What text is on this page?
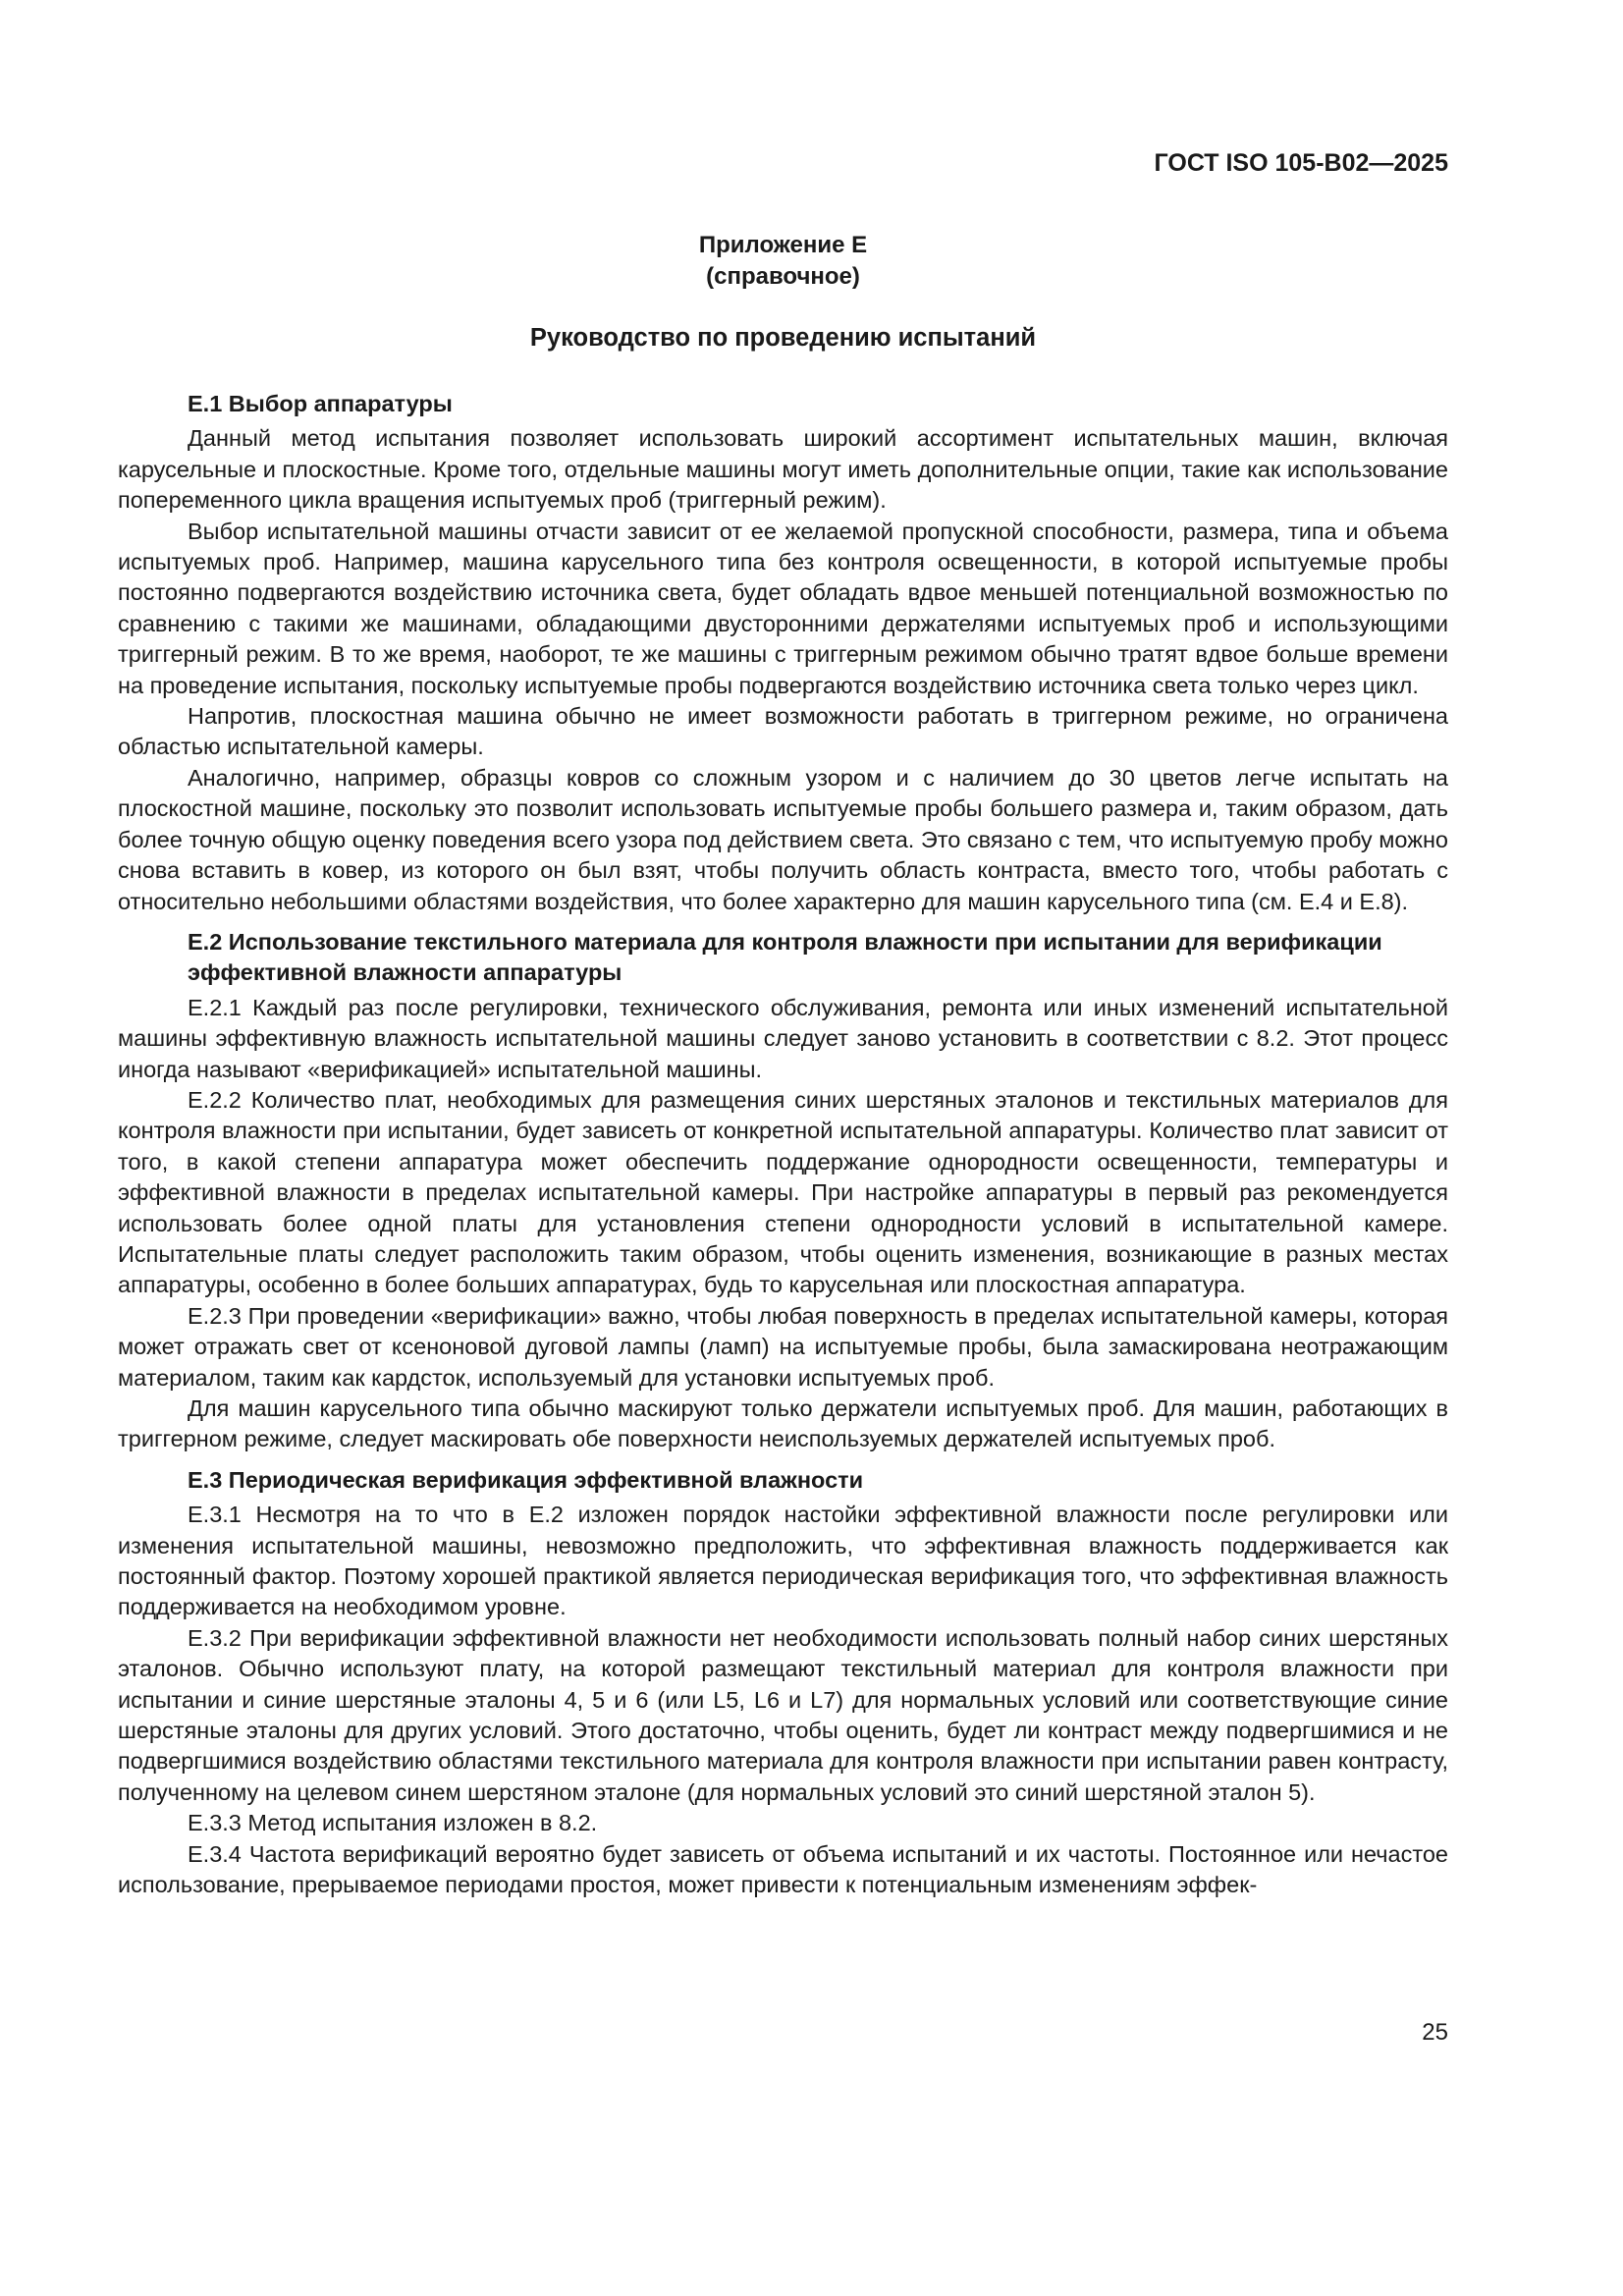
ГОСТ ISO 105-B02—2025

Приложение Е

(справочное)

Руководство по проведению испытаний

Е.1 Выбор аппаратуры

Данный метод испытания позволяет использовать широкий ассортимент испытательных машин, включая карусельные и плоскостные. Кроме того, отдельные машины могут иметь дополнительные опции, такие как использование попеременного цикла вращения испытуемых проб (триггерный режим).

Выбор испытательной машины отчасти зависит от ее желаемой пропускной способности, размера, типа и объема испытуемых проб. Например, машина карусельного типа без контроля освещенности, в которой испытуемые пробы постоянно подвергаются воздействию источника света, будет обладать вдвое меньшей потенциальной возможностью по сравнению с такими же машинами, обладающими двусторонними держателями испытуемых проб и использующими триггерный режим. В то же время, наоборот, те же машины с триггерным режимом обычно тратят вдвое больше времени на проведение испытания, поскольку испытуемые пробы подвергаются воздействию источника света только через цикл.

Напротив, плоскостная машина обычно не имеет возможности работать в триггерном режиме, но ограничена областью испытательной камеры.

Аналогично, например, образцы ковров со сложным узором и с наличием до 30 цветов легче испытать на плоскостной машине, поскольку это позволит использовать испытуемые пробы большего размера и, таким образом, дать более точную общую оценку поведения всего узора под действием света. Это связано с тем, что испытуемую пробу можно снова вставить в ковер, из которого он был взят, чтобы получить область контраста, вместо того, чтобы работать с относительно небольшими областями воздействия, что более характерно для машин карусельного типа (см. Е.4 и Е.8).

Е.2 Использование текстильного материала для контроля влажности при испытании для верификации эффективной влажности аппаратуры

Е.2.1 Каждый раз после регулировки, технического обслуживания, ремонта или иных изменений испытательной машины эффективную влажность испытательной машины следует заново установить в соответствии с 8.2. Этот процесс иногда называют «верификацией» испытательной машины.

Е.2.2 Количество плат, необходимых для размещения синих шерстяных эталонов и текстильных материалов для контроля влажности при испытании, будет зависеть от конкретной испытательной аппаратуры. Количество плат зависит от того, в какой степени аппаратура может обеспечить поддержание однородности освещенности, температуры и эффективной влажности в пределах испытательной камеры. При настройке аппаратуры в первый раз рекомендуется использовать более одной платы для установления степени однородности условий в испытательной камере. Испытательные платы следует расположить таким образом, чтобы оценить изменения, возникающие в разных местах аппаратуры, особенно в более больших аппаратурах, будь то карусельная или плоскостная аппаратура.

Е.2.3 При проведении «верификации» важно, чтобы любая поверхность в пределах испытательной камеры, которая может отражать свет от ксеноновой дуговой лампы (ламп) на испытуемые пробы, была замаскирована неотражающим материалом, таким как кардсток, используемый для установки испытуемых проб.

Для машин карусельного типа обычно маскируют только держатели испытуемых проб. Для машин, работающих в триггерном режиме, следует маскировать обе поверхности неиспользуемых держателей испытуемых проб.

Е.3 Периодическая верификация эффективной влажности

Е.3.1 Несмотря на то что в Е.2 изложен порядок настойки эффективной влажности после регулировки или изменения испытательной машины, невозможно предположить, что эффективная влажность поддерживается как постоянный фактор. Поэтому хорошей практикой является периодическая верификация того, что эффективная влажность поддерживается на необходимом уровне.

Е.3.2 При верификации эффективной влажности нет необходимости использовать полный набор синих шерстяных эталонов. Обычно используют плату, на которой размещают текстильный материал для контроля влажности при испытании и синие шерстяные эталоны 4, 5 и 6 (или L5, L6 и L7) для нормальных условий или соответствующие синие шерстяные эталоны для других условий. Этого достаточно, чтобы оценить, будет ли контраст между подвергшимися и не подвергшимися воздействию областями текстильного материала для контроля влажности при испытании равен контрасту, полученному на целевом синем шерстяном эталоне (для нормальных условий это синий шерстяной эталон 5).

Е.3.3 Метод испытания изложен в 8.2.

Е.3.4 Частота верификаций вероятно будет зависеть от объема испытаний и их частоты. Постоянное или нечастое использование, прерываемое периодами простоя, может привести к потенциальным изменениям эффек-

25
